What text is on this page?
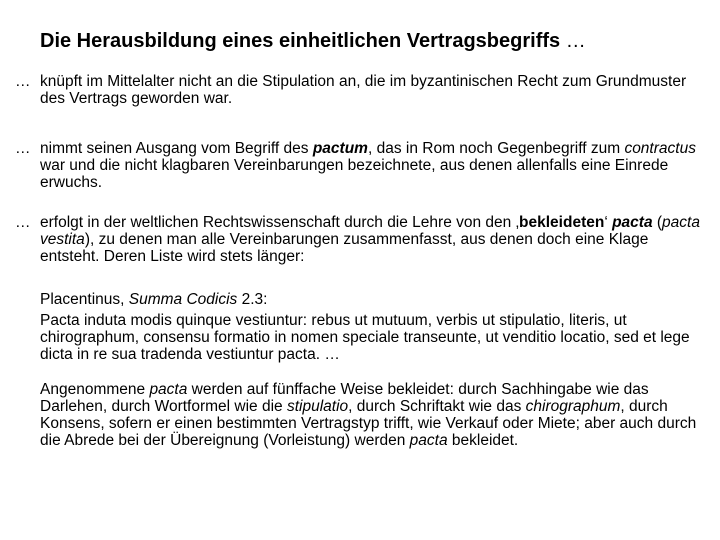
Die Herausbildung eines einheitlichen Vertragsbegriffs …
… knüpft im Mittelalter nicht an die Stipulation an, die im byzantinischen Recht zum Grundmuster des Vertrags geworden war.
… nimmt seinen Ausgang vom Begriff des pactum, das in Rom noch Gegenbegriff zum contractus war und die nicht klagbaren Vereinbarungen bezeichnete, aus denen allenfalls eine Einrede erwuchs.
… erfolgt in der weltlichen Rechtswissenschaft durch die Lehre von den ‚bekleideten‘ pacta (pacta vestita), zu denen man alle Vereinbarungen zusammenfasst, aus denen doch eine Klage entsteht. Deren Liste wird stets länger:
Placentinus, Summa Codicis 2.3:
Pacta induta modis quinque vestiuntur: rebus ut mutuum, verbis ut stipulatio, literis, ut chirographum, consensu formatio in nomen speciale transeunte, ut venditio locatio, sed et lege dicta in re sua tradenda vestiuntur pacta. …
Angenommene pacta werden auf fünffache Weise bekleidet: durch Sachhingabe wie das Darlehen, durch Wortformel wie die stipulatio, durch Schriftakt wie das chirographum, durch Konsens, sofern er einen bestimmten Vertragstyp trifft, wie Verkauf oder Miete; aber auch durch die Abrede bei der Übereignung (Vorleistung) werden pacta bekleidet.
